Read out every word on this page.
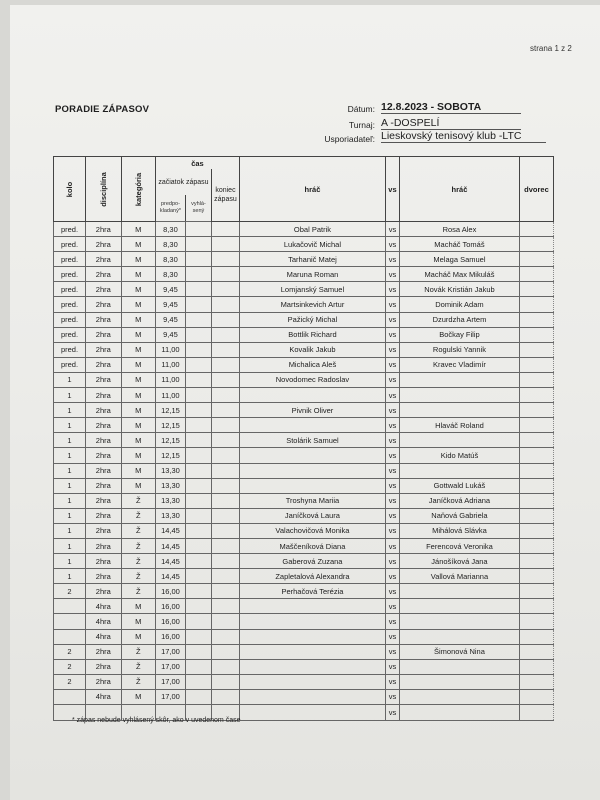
strana 1 z 2
PORADIE ZÁPASOV	Dátum: 12.8.2023 - SOBOTA
Turnaj: A -DOSPELÍ
Usporiadateľ: Lieskovský tenisový klub -LTC
kolo	disciplína	kategória	čas			hráč	vs	hráč	dvorec
			začiatok zápasu		koniec zápasu				
			predpo-kladaný*	vyhlá-sený					

pred.	2hra	M	8,30			Obal Patrik	vs	Rosa Alex	
pred.	2hra	M	8,30			Lukačovič Michal	vs	Macháč Tomáš	
pred.	2hra	M	8,30			Tarhanič Matej	vs	Melaga Samuel	
pred.	2hra	M	8,30			Maruna Roman	vs	Macháč Max Mikuláš	
pred.	2hra	M	9,45			Lomjanský Samuel	vs	Novák Kristián Jakub	
pred.	2hra	M	9,45			Martsinkevich Artur	vs	Dominik Adam	
pred.	2hra	M	9,45			Pažický Michal	vs	Dzurdzha Artem	
pred.	2hra	M	9,45			Bottlik Richard	vs	Bočkay Filip	
pred.	2hra	M	11,00			Kovalik Jakub	vs	Rogulski Yannik	
pred.	2hra	M	11,00			Michalica Aleš	vs	Kravec Vladimír	
1	2hra	M	11,00			Novodomec Radoslav	vs		
1	2hra	M	11,00				vs		
1	2hra	M	12,15			Pivnik Oliver	vs		
1	2hra	M	12,15				vs	Hlaváč Roland	
1	2hra	M	12,15			Stolárik Samuel	vs		
1	2hra	M	12,15				vs	Kido Matúš	
1	2hra	M	13,30				vs		
1	2hra	M	13,30				vs	Gottwald Lukáš	
1	2hra	Ž	13,30			Troshyna Mariia	vs	Janíčková Adriana	
1	2hra	Ž	13,30			Janíčková Laura	vs	Naňová Gabriela	
1	2hra	Ž	14,45			Valachovičová Monika	vs	Mihálová Slávka	
1	2hra	Ž	14,45			Maščeníková Diana	vs	Ferencová Veronika	
1	2hra	Ž	14,45			Gaberová Zuzana	vs	Jánošíková Jana	
1	2hra	Ž	14,45			Zapletalová Alexandra	vs	Vallová Marianna	
2	2hra	Ž	16,00			Perhačová Terézia	vs		
	4hra	M	16,00				vs		
	4hra	M	16,00				vs		
	4hra	M	16,00				vs		
2	2hra	Ž	17,00				vs	Šimonová Nina	
2	2hra	Ž	17,00				vs		
2	2hra	Ž	17,00				vs		
	4hra	M	17,00				vs		
							vs		
* zápas nebude vyhlásený skôr, ako v uvedenom čase
